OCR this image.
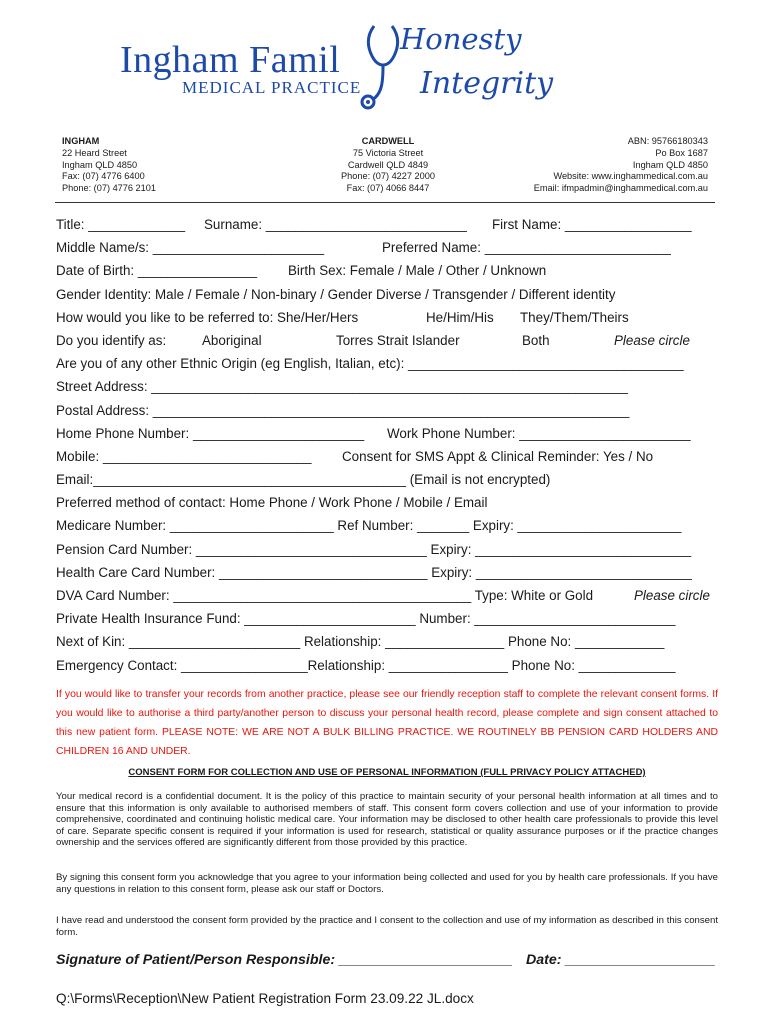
Ingham Famil
MEDICAL PRACTICE
Honesty
Integrity
INGHAM
22 Heard Street
Ingham QLD 4850
Fax: (07) 4776 6400
Phone: (07) 4776 2101
CARDWELL
75 Victoria Street
Cardwell QLD 4849
Phone: (07) 4227 2000
Fax: (07) 4066 8447
ABN: 95766180343
Po Box 1687
Ingham QLD 4850
Website: www.inghammedical.com.au
Email: ifmpadmin@inghammedical.com.au
Title: _____________ Surname: ___________________________ First Name: _________________
Middle Name/s: _______________________	Preferred Name: _________________________
Date of Birth: ________________ Birth Sex: Female / Male / Other / Unknown
Gender Identity: Male / Female / Non-binary / Gender Diverse / Transgender / Different identity
How would you like to be referred to: She/Her/Hers	He/Him/His They/Them/Theirs
Do you identify as:	Aboriginal	Torres Strait Islander	Both	Please circle
Are you of any other Ethnic Origin (eg English, Italian, etc): _____________________________________
Street Address: ________________________________________________________________
Postal Address: ________________________________________________________________
Home Phone Number: _______________________ Work Phone Number: _______________________
Mobile: ____________________________ Consent for SMS Appt & Clinical Reminder: Yes / No
Email:__________________________________________ (Email is not encrypted)
Preferred method of contact: Home Phone / Work Phone / Mobile / Email
Medicare Number: ______________________ Ref Number: _______ Expiry: ______________________
Pension Card Number: _______________________________ Expiry: _____________________________
Health Care Card Number: ____________________________ Expiry: _____________________________
DVA Card Number: ________________________________________ Type: White or Gold	Please circle
Private Health Insurance Fund: _______________________ Number: ___________________________
Next of Kin: _______________________ Relationship: ________________ Phone No: ____________
Emergency Contact: _________________Relationship: ________________ Phone No: _____________

If you would like to transfer your records from another practice, please see our friendly reception staff to complete the relevant consent forms. If you would like to authorise a third party/another person to discuss your personal health record, please complete and sign consent attached to this new patient form. PLEASE NOTE: WE ARE NOT A BULK BILLING PRACTICE. WE ROUTINELY BB PENSION CARD HOLDERS AND CHILDREN 16 AND UNDER.

CONSENT FORM FOR COLLECTION AND USE OF PERSONAL INFORMATION (FULL PRIVACY POLICY ATTACHED)

Your medical record is a confidential document. It is the policy of this practice to maintain security of your personal health information at all times and to ensure that this information is only available to authorised members of staff. This consent form covers collection and use of your information to provide comprehensive, coordinated and continuing holistic medical care. Your information may be disclosed to other health care professionals to provide this level of care. Separate specific consent is required if your information is used for research, statistical or quality assurance purposes or if the practice changes ownership and the services offered are significantly different from those provided by this practice.

By signing this consent form you acknowledge that you agree to your information being collected and used for you by health care professionals. If you have any questions in relation to this consent form, please ask our staff or Doctors.

I have read and understood the consent form provided by the practice and I consent to the collection and use of my information as described in this consent form.

Signature of Patient/Person Responsible: ______________________ Date: ___________________
Q:\Forms\Reception\New Patient Registration Form 23.09.22 JL.docx
